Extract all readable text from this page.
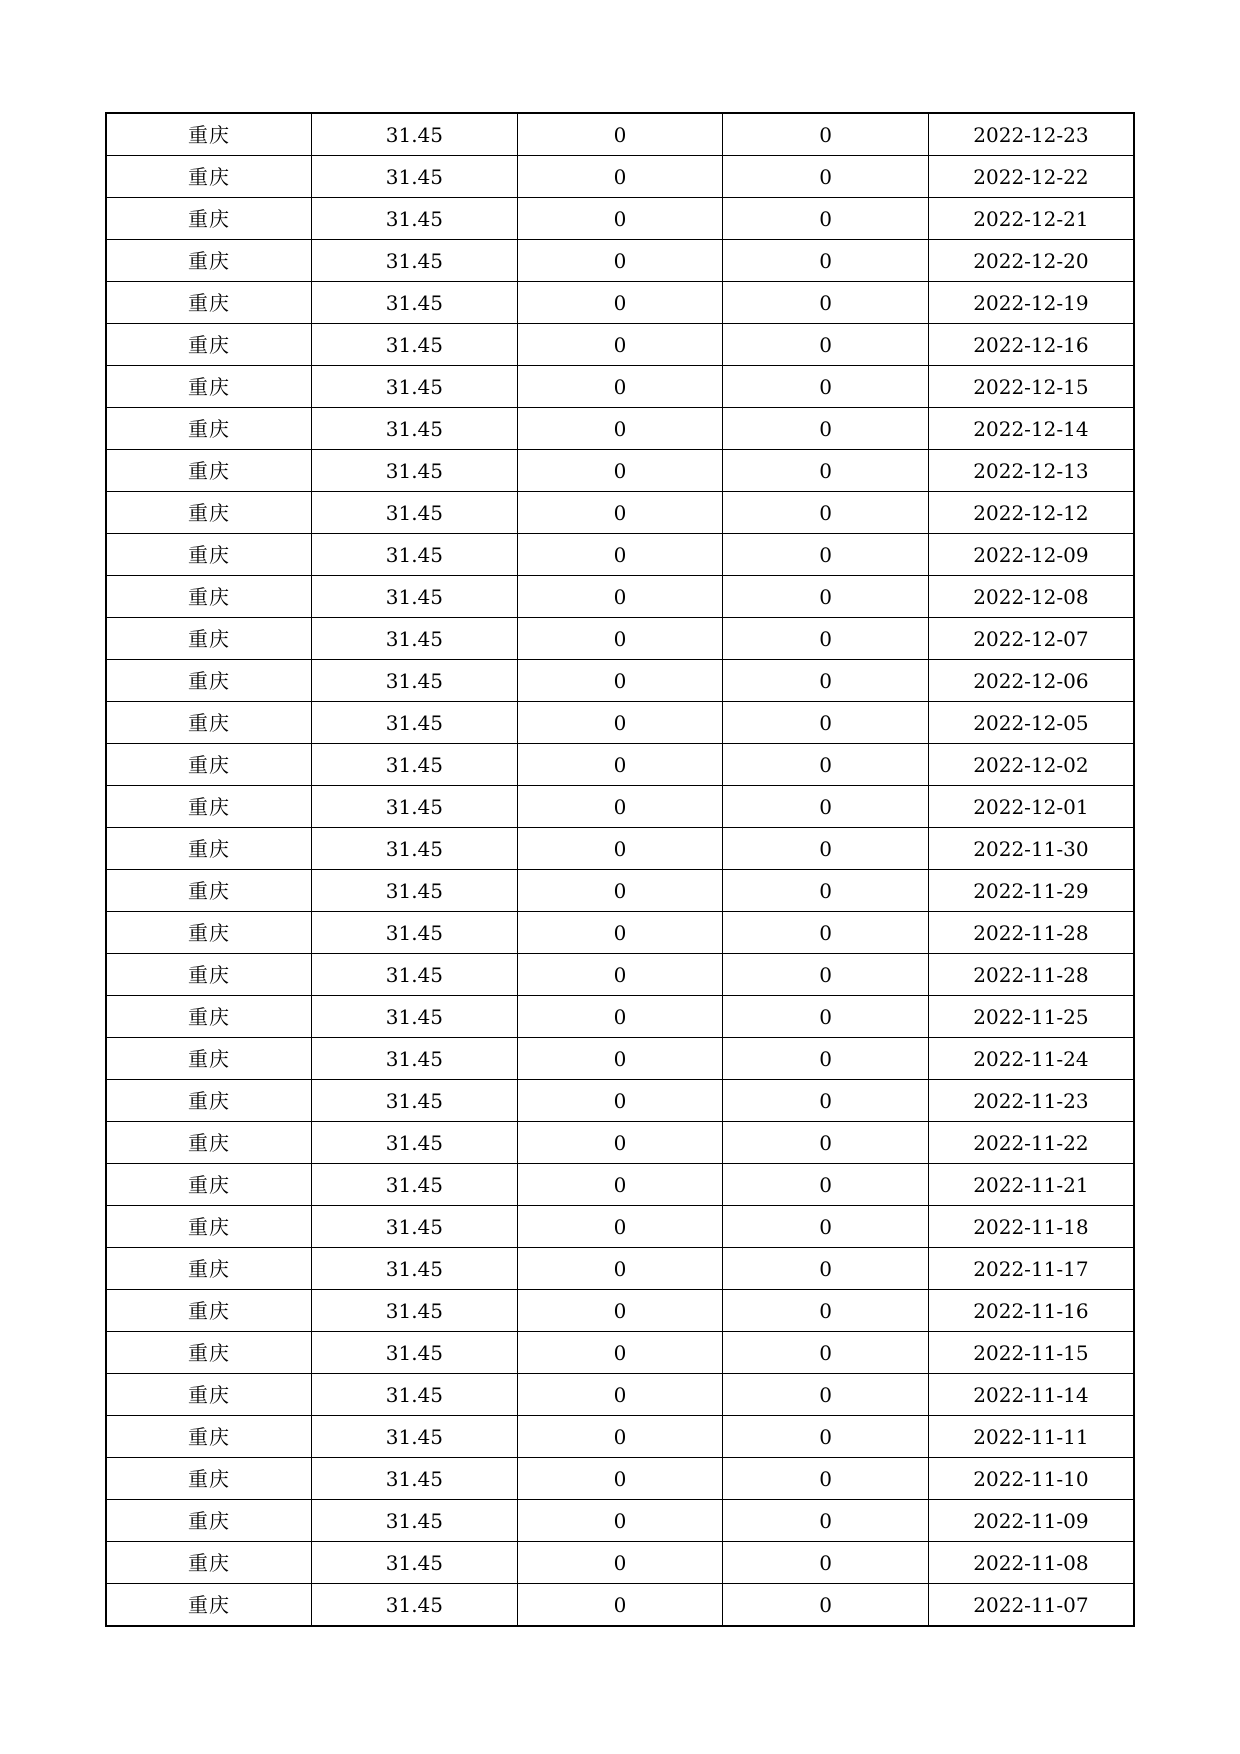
重庆	31.45	0	0	2022-12-23
重庆	31.45	0	0	2022-12-22
重庆	31.45	0	0	2022-12-21
重庆	31.45	0	0	2022-12-20
重庆	31.45	0	0	2022-12-19
重庆	31.45	0	0	2022-12-16
重庆	31.45	0	0	2022-12-15
重庆	31.45	0	0	2022-12-14
重庆	31.45	0	0	2022-12-13
重庆	31.45	0	0	2022-12-12
重庆	31.45	0	0	2022-12-09
重庆	31.45	0	0	2022-12-08
重庆	31.45	0	0	2022-12-07
重庆	31.45	0	0	2022-12-06
重庆	31.45	0	0	2022-12-05
重庆	31.45	0	0	2022-12-02
重庆	31.45	0	0	2022-12-01
重庆	31.45	0	0	2022-11-30
重庆	31.45	0	0	2022-11-29
重庆	31.45	0	0	2022-11-28
重庆	31.45	0	0	2022-11-28
重庆	31.45	0	0	2022-11-25
重庆	31.45	0	0	2022-11-24
重庆	31.45	0	0	2022-11-23
重庆	31.45	0	0	2022-11-22
重庆	31.45	0	0	2022-11-21
重庆	31.45	0	0	2022-11-18
重庆	31.45	0	0	2022-11-17
重庆	31.45	0	0	2022-11-16
重庆	31.45	0	0	2022-11-15
重庆	31.45	0	0	2022-11-14
重庆	31.45	0	0	2022-11-11
重庆	31.45	0	0	2022-11-10
重庆	31.45	0	0	2022-11-09
重庆	31.45	0	0	2022-11-08
重庆	31.45	0	0	2022-11-07
